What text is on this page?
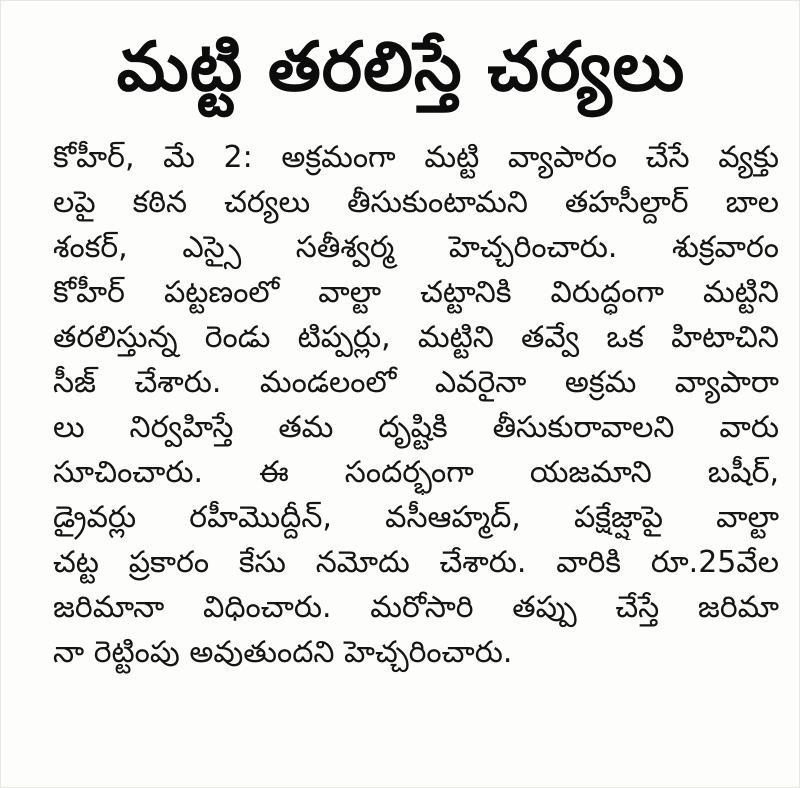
మట్టి తరలిస్తే చర్యలు
కోహీర్, మే 2: అక్రమంగా మట్టి వ్యాపారం చేసే వ్యక్తు
లపై కఠిన చర్యలు తీసుకుంటామని తహసీల్దార్ బాల
శంకర్, ఎస్సై సతీశ్వర్మ హెచ్చరించారు. శుక్రవారం
కోహీర్ పట్టణంలో వాల్టా చట్టానికి విరుద్ధంగా మట్టిని
తరలిస్తున్న రెండు టిప్పర్లు, మట్టిని తవ్వే ఒక హిటాచిని
సీజ్ చేశారు. మండలంలో ఎవరైనా అక్రమ వ్యాపారా
లు నిర్వహిస్తే తమ దృష్టికి తీసుకురావాలని వారు
సూచించారు. ఈ సందర్భంగా యజమాని బషీర్,
డ్రైవర్లు రహీమొద్దీన్, వసీఆహ్మద్, పక్షేజ్షాపై వాల్టా
చట్ట ప్రకారం కేసు నమోదు చేశారు. వారికి రూ.25వేల
జరిమానా విధించారు. మరోసారి తప్పు చేస్తే జరిమా
నా రెట్టింపు అవుతుందని హెచ్చరించారు.
